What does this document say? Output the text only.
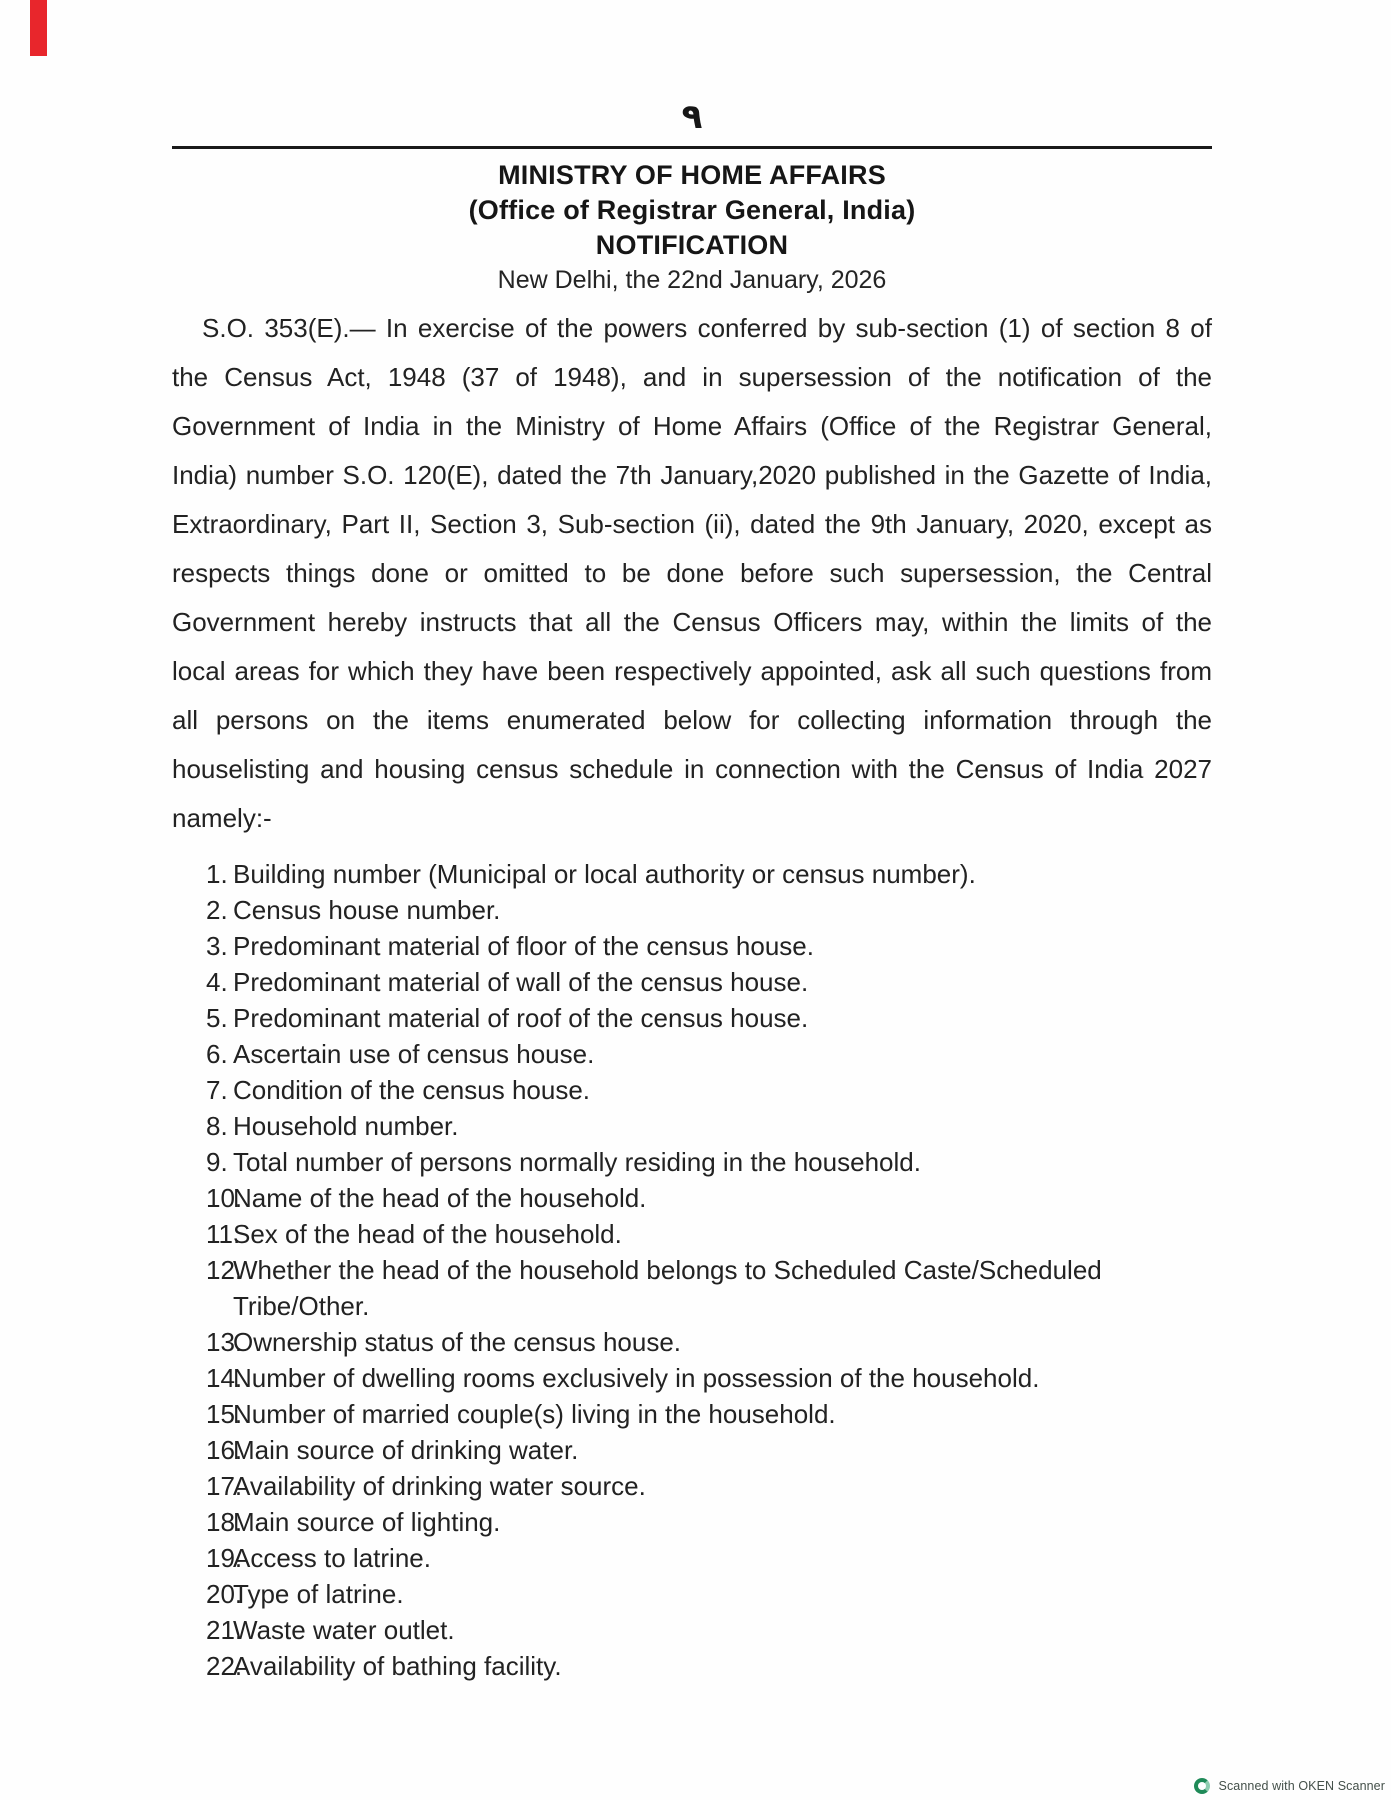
٩
MINISTRY OF HOME AFFAIRS
(Office of Registrar General, India)
NOTIFICATION
New Delhi, the 22nd January, 2026
S.O. 353(E).— In exercise of the powers conferred by sub-section (1) of section 8 of the Census Act, 1948 (37 of 1948), and in supersession of the notification of the Government of India in the Ministry of Home Affairs (Office of the Registrar General, India) number S.O. 120(E), dated the 7th January,2020 published in the Gazette of India, Extraordinary, Part II, Section 3, Sub-section (ii), dated the 9th January, 2020, except as respects things done or omitted to be done before such supersession, the Central Government hereby instructs that all the Census Officers may, within the limits of the local areas for which they have been respectively appointed, ask all such questions from all persons on the items enumerated below for collecting information through the houselisting and housing census schedule in connection with the Census of India 2027 namely:-
1. Building number (Municipal or local authority or census number).
2. Census house number.
3. Predominant material of floor of the census house.
4. Predominant material of wall of the census house.
5. Predominant material of roof of the census house.
6. Ascertain use of census house.
7. Condition of the census house.
8. Household number.
9. Total number of persons normally residing in the household.
10.
Name of the head of the household.
11.
Sex of the head of the household.
12.
Whether the head of the household belongs to Scheduled Caste/Scheduled Tribe/Other.
13.
Ownership status of the census house.
14.
Number of dwelling rooms exclusively in possession of the household.
15.
Number of married couple(s) living in the household.
16.
Main source of drinking water.
17.
Availability of drinking water source.
18.
Main source of lighting.
19.
Access to latrine.
20.
Type of latrine.
21.
Waste water outlet.
22.
Availability of bathing facility.
Scanned with OKEN Scanner
